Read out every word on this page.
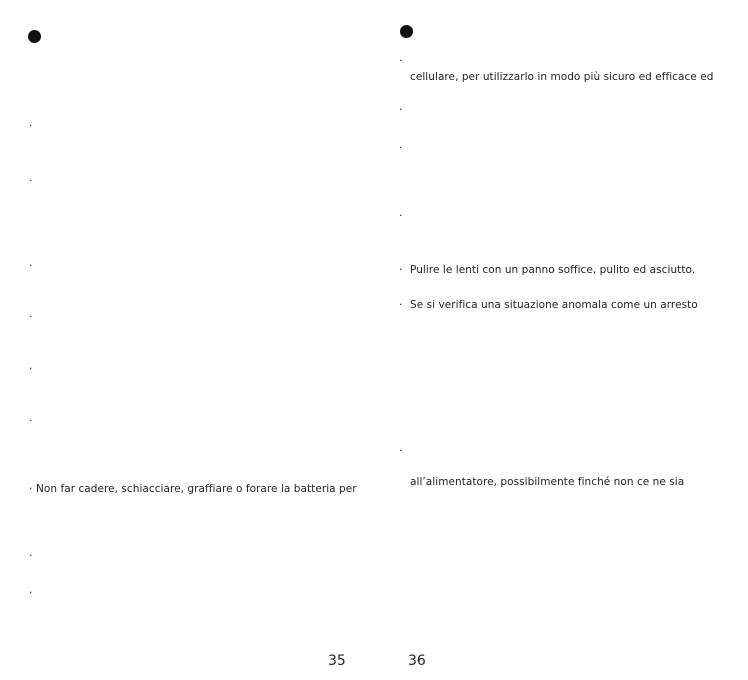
·
·
·
·
·
·
· Non far cadere, schiacciare, graffiare o forare la batteria per
·
·
35
·
cellulare, per utilizzarlo in modo più sicuro ed efficace ed
·
·
·
· Pulire le lenti con un panno soffice, pulito ed asciutto.
· Se si verifica una situazione anomala come un arresto
·
all’alimentatore, possibilmente finché non ce ne sia
36
